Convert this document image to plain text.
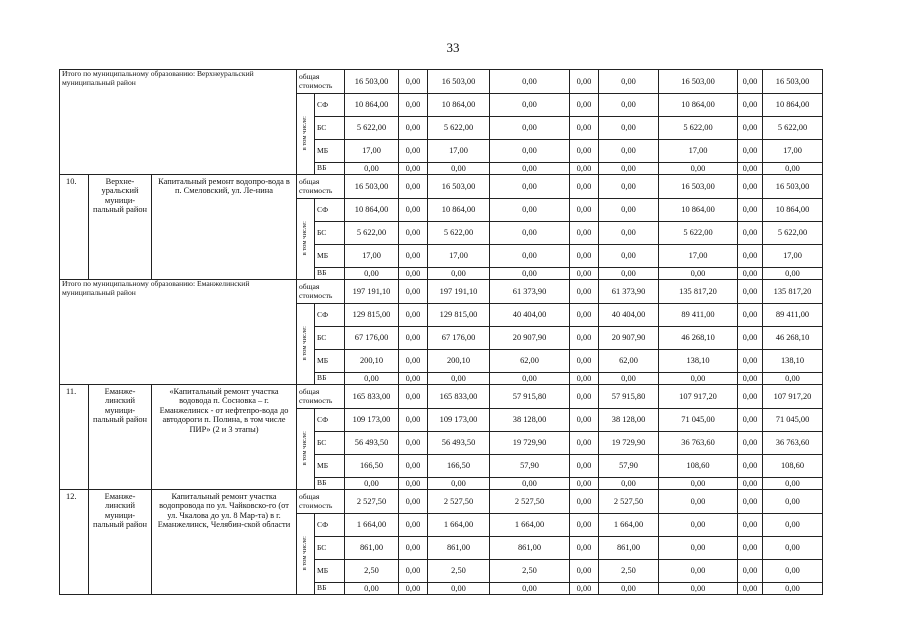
33
Итого по муниципальному образованию: Верхнеуральский муниципальный район			общая стоимость		16 503,00	0,00	16 503,00	0,00	0,00	0,00	16 503,00	0,00	16 503,00
			в том числе:	СФ	10 864,00	0,00	10 864,00	0,00	0,00	0,00	10 864,00	0,00	10 864,00
				БС	5 622,00	0,00	5 622,00	0,00	0,00	0,00	5 622,00	0,00	5 622,00
				МБ	17,00	0,00	17,00	0,00	0,00	0,00	17,00	0,00	17,00
				ВБ	0,00	0,00	0,00	0,00	0,00	0,00	0,00	0,00	0,00
10.	Верхне-уральский муници-пальный район	Капитальный ремонт водопро-вода в п. Смеловский, ул. Ле-нина	общая стоимость		16 503,00	0,00	16 503,00	0,00	0,00	0,00	16 503,00	0,00	16 503,00
			в том числе:	СФ	10 864,00	0,00	10 864,00	0,00	0,00	0,00	10 864,00	0,00	10 864,00
				БС	5 622,00	0,00	5 622,00	0,00	0,00	0,00	5 622,00	0,00	5 622,00
				МБ	17,00	0,00	17,00	0,00	0,00	0,00	17,00	0,00	17,00
				ВБ	0,00	0,00	0,00	0,00	0,00	0,00	0,00	0,00	0,00
Итого по муниципальному образованию: Еманжелинский муниципальный район			общая стоимость		197 191,10	0,00	197 191,10	61 373,90	0,00	61 373,90	135 817,20	0,00	135 817,20
			в том числе:	СФ	129 815,00	0,00	129 815,00	40 404,00	0,00	40 404,00	89 411,00	0,00	89 411,00
				БС	67 176,00	0,00	67 176,00	20 907,90	0,00	20 907,90	46 268,10	0,00	46 268,10
				МБ	200,10	0,00	200,10	62,00	0,00	62,00	138,10	0,00	138,10
				ВБ	0,00	0,00	0,00	0,00	0,00	0,00	0,00	0,00	0,00
11.	Еманже-линский муници-пальный район	«Капитальный ремонт участка водовода п. Сосновка – г. Еманжелинск - от нефтепро-вода до автодороги п. Полина, в том числе ПИР» (2 и 3 этапы)	общая стоимость		165 833,00	0,00	165 833,00	57 915,80	0,00	57 915,80	107 917,20	0,00	107 917,20
			в том числе:	СФ	109 173,00	0,00	109 173,00	38 128,00	0,00	38 128,00	71 045,00	0,00	71 045,00
				БС	56 493,50	0,00	56 493,50	19 729,90	0,00	19 729,90	36 763,60	0,00	36 763,60
				МБ	166,50	0,00	166,50	57,90	0,00	57,90	108,60	0,00	108,60
				ВБ	0,00	0,00	0,00	0,00	0,00	0,00	0,00	0,00	0,00
12.	Еманже-линский муници-пальный район	Капитальный ремонт участка водопровода по ул. Чайковско-го (от ул. Чкалова до ул. 8 Мар-та) в г. Еманжелинск, Челябин-ской области	общая стоимость		2 527,50	0,00	2 527,50	2 527,50	0,00	2 527,50	0,00	0,00	0,00
			в том числе:	СФ	1 664,00	0,00	1 664,00	1 664,00	0,00	1 664,00	0,00	0,00	0,00
				БС	861,00	0,00	861,00	861,00	0,00	861,00	0,00	0,00	0,00
				МБ	2,50	0,00	2,50	2,50	0,00	2,50	0,00	0,00	0,00
				ВБ	0,00	0,00	0,00	0,00	0,00	0,00	0,00	0,00	0,00
